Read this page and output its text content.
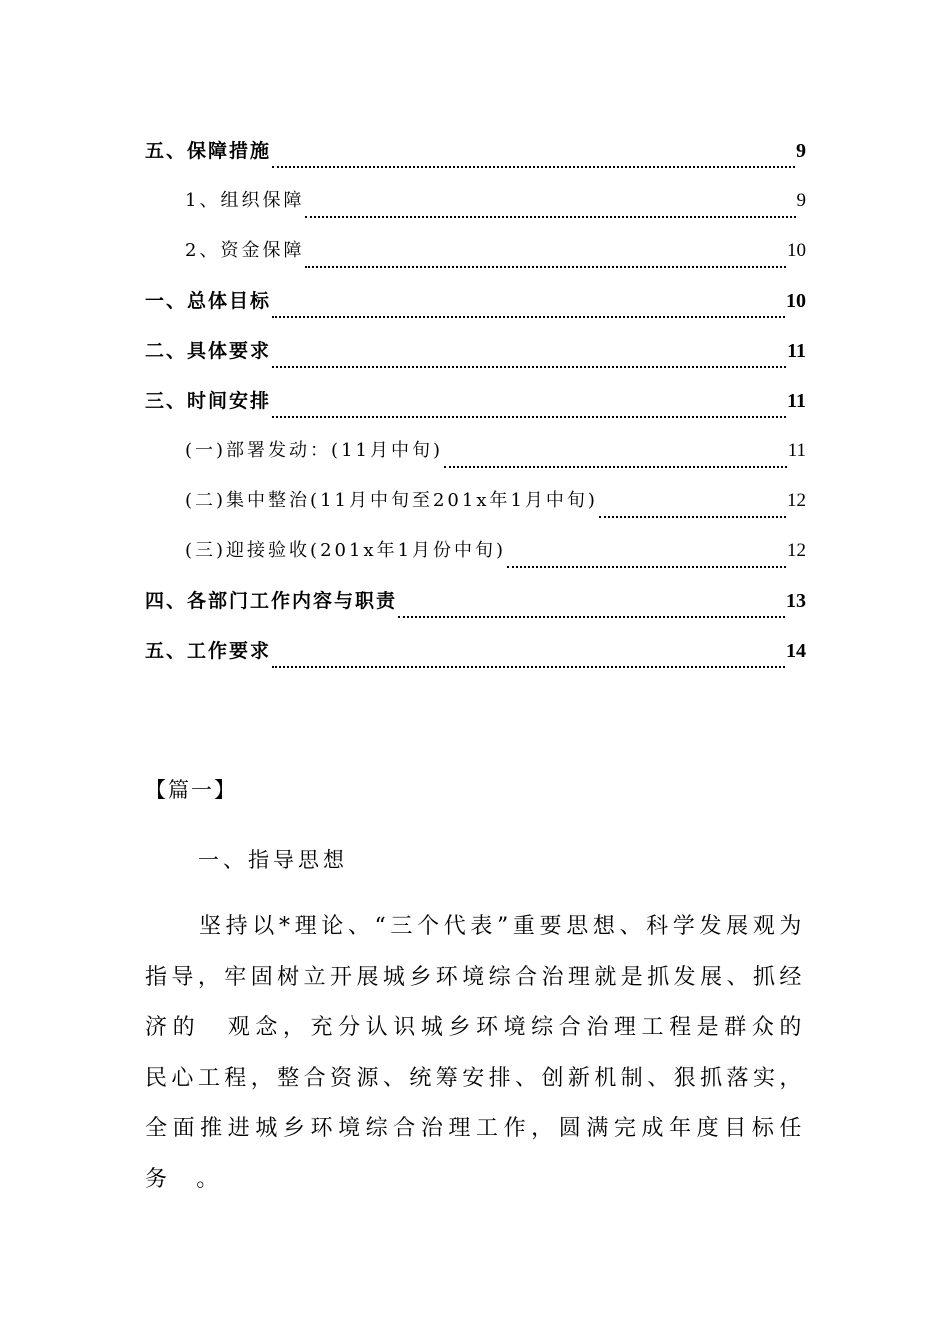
五、保障措施	9
1、组织保障	9
2、资金保障	10
一、总体目标	10
二、具体要求	11
三、时间安排	11
(一)部署发动：(11月中旬)	11
(二)集中整治(11月中旬至201x年1月中旬)	12
(三)迎接验收(201x年1月份中旬)	12
四、各部门工作内容与职责	13
五、工作要求	14
【篇一】
一、指导思想

坚持以*理论、“三个代表”重要思想、科学发展观为指导，牢固树立开展城乡环境综合治理就是抓发展、抓经济的　观念，充分认识城乡环境综合治理工程是群众的　民心工程，整合资源、统筹安排、创新机制、狠抓落实，全面推进城乡环境综合治理工作，圆满完成年度目标任务　。
